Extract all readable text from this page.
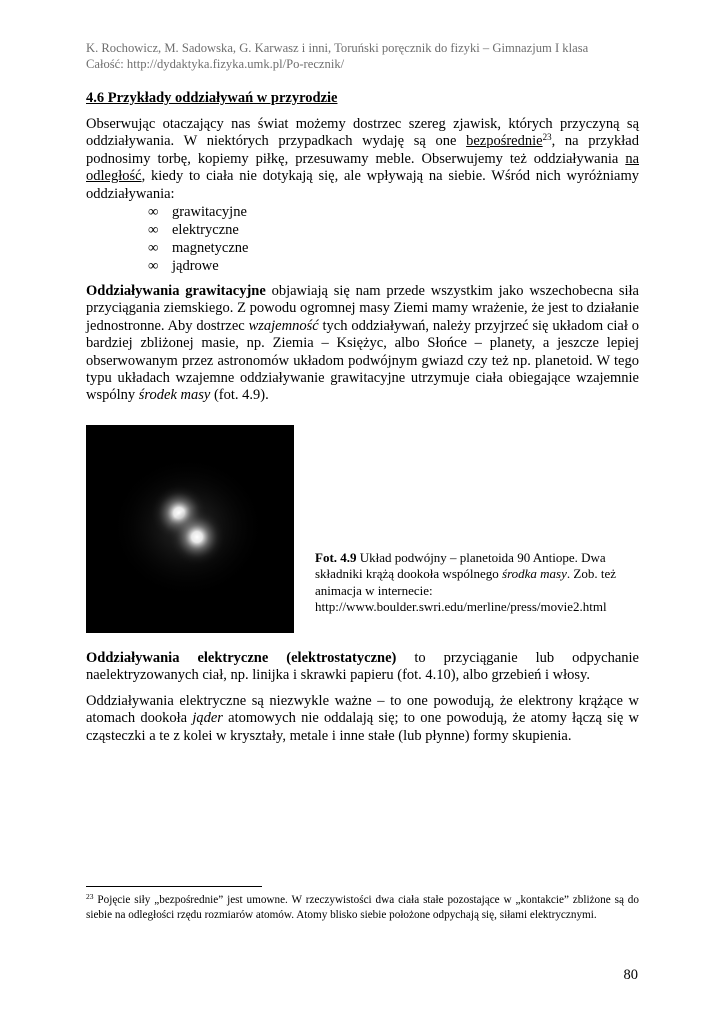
K. Rochowicz, M. Sadowska, G. Karwasz i inni, Toruński poręcznik do fizyki – Gimnazjum I klasa
Całość: http://dydaktyka.fizyka.umk.pl/Po-recznik/
4.6 Przykłady oddziaływań w przyrodzie

Obserwując otaczający nas świat możemy dostrzec szereg zjawisk, których przyczyną są oddziaływania. W niektórych przypadkach wydaję są one bezpośrednie$^{23}$, na przykład podnosimy torbę, kopiemy piłkę, przesuwamy meble. Obserwujemy też oddziaływania na odległość, kiedy to ciała nie dotykają się, ale wpływają na siebie. Wśród nich wyróżniamy oddziaływania:

∞ grawitacyjne
∞ elektryczne
∞ magnetyczne
∞ jądrowe

Oddziaływania grawitacyjne objawiają się nam przede wszystkim jako wszechobecna siła przyciągania ziemskiego. Z powodu ogromnej masy Ziemi mamy wrażenie, że jest to działanie jednostronne. Aby dostrzec wzajemność tych oddziaływań, należy przyjrzeć się układom ciał o bardziej zbliżonej masie, np. Ziemia – Księżyc, albo Słońce – planety, a jeszcze lepiej obserwowanym przez astronomów układom podwójnym gwiazd czy też np. planetoid. W tego typu układach wzajemne oddziaływanie grawitacyjne utrzymuje ciała obiegające wzajemnie wspólny środek masy (fot. 4.9).

Fot. 4.9 Układ podwójny – planetoida 90 Antiope. Dwa składniki krążą dookoła wspólnego środka masy. Zob. też animacja w internecie:
http://www.boulder.swri.edu/merline/press/movie2.html

Oddziaływania elektryczne (elektrostatyczne) to przyciąganie lub odpychanie naelektryzowanych ciał, np. linijka i skrawki papieru (fot. 4.10), albo grzebień i włosy.

Oddziaływania elektryczne są niezwykle ważne – to one powodują, że elektrony krążące w atomach dookoła jąder atomowych nie oddalają się; to one powodują, że atomy łączą się w cząsteczki a te z kolei w kryształy, metale i inne stałe (lub płynne) formy skupienia.

$^{23}$ Pojęcie siły „bezpośrednie” jest umowne. W rzeczywistości dwa ciała stałe pozostające w „kontakcie” zbliżone są do siebie na odległości rzędu rozmiarów atomów. Atomy blisko siebie położone odpychają się, siłami elektrycznymi.
80
